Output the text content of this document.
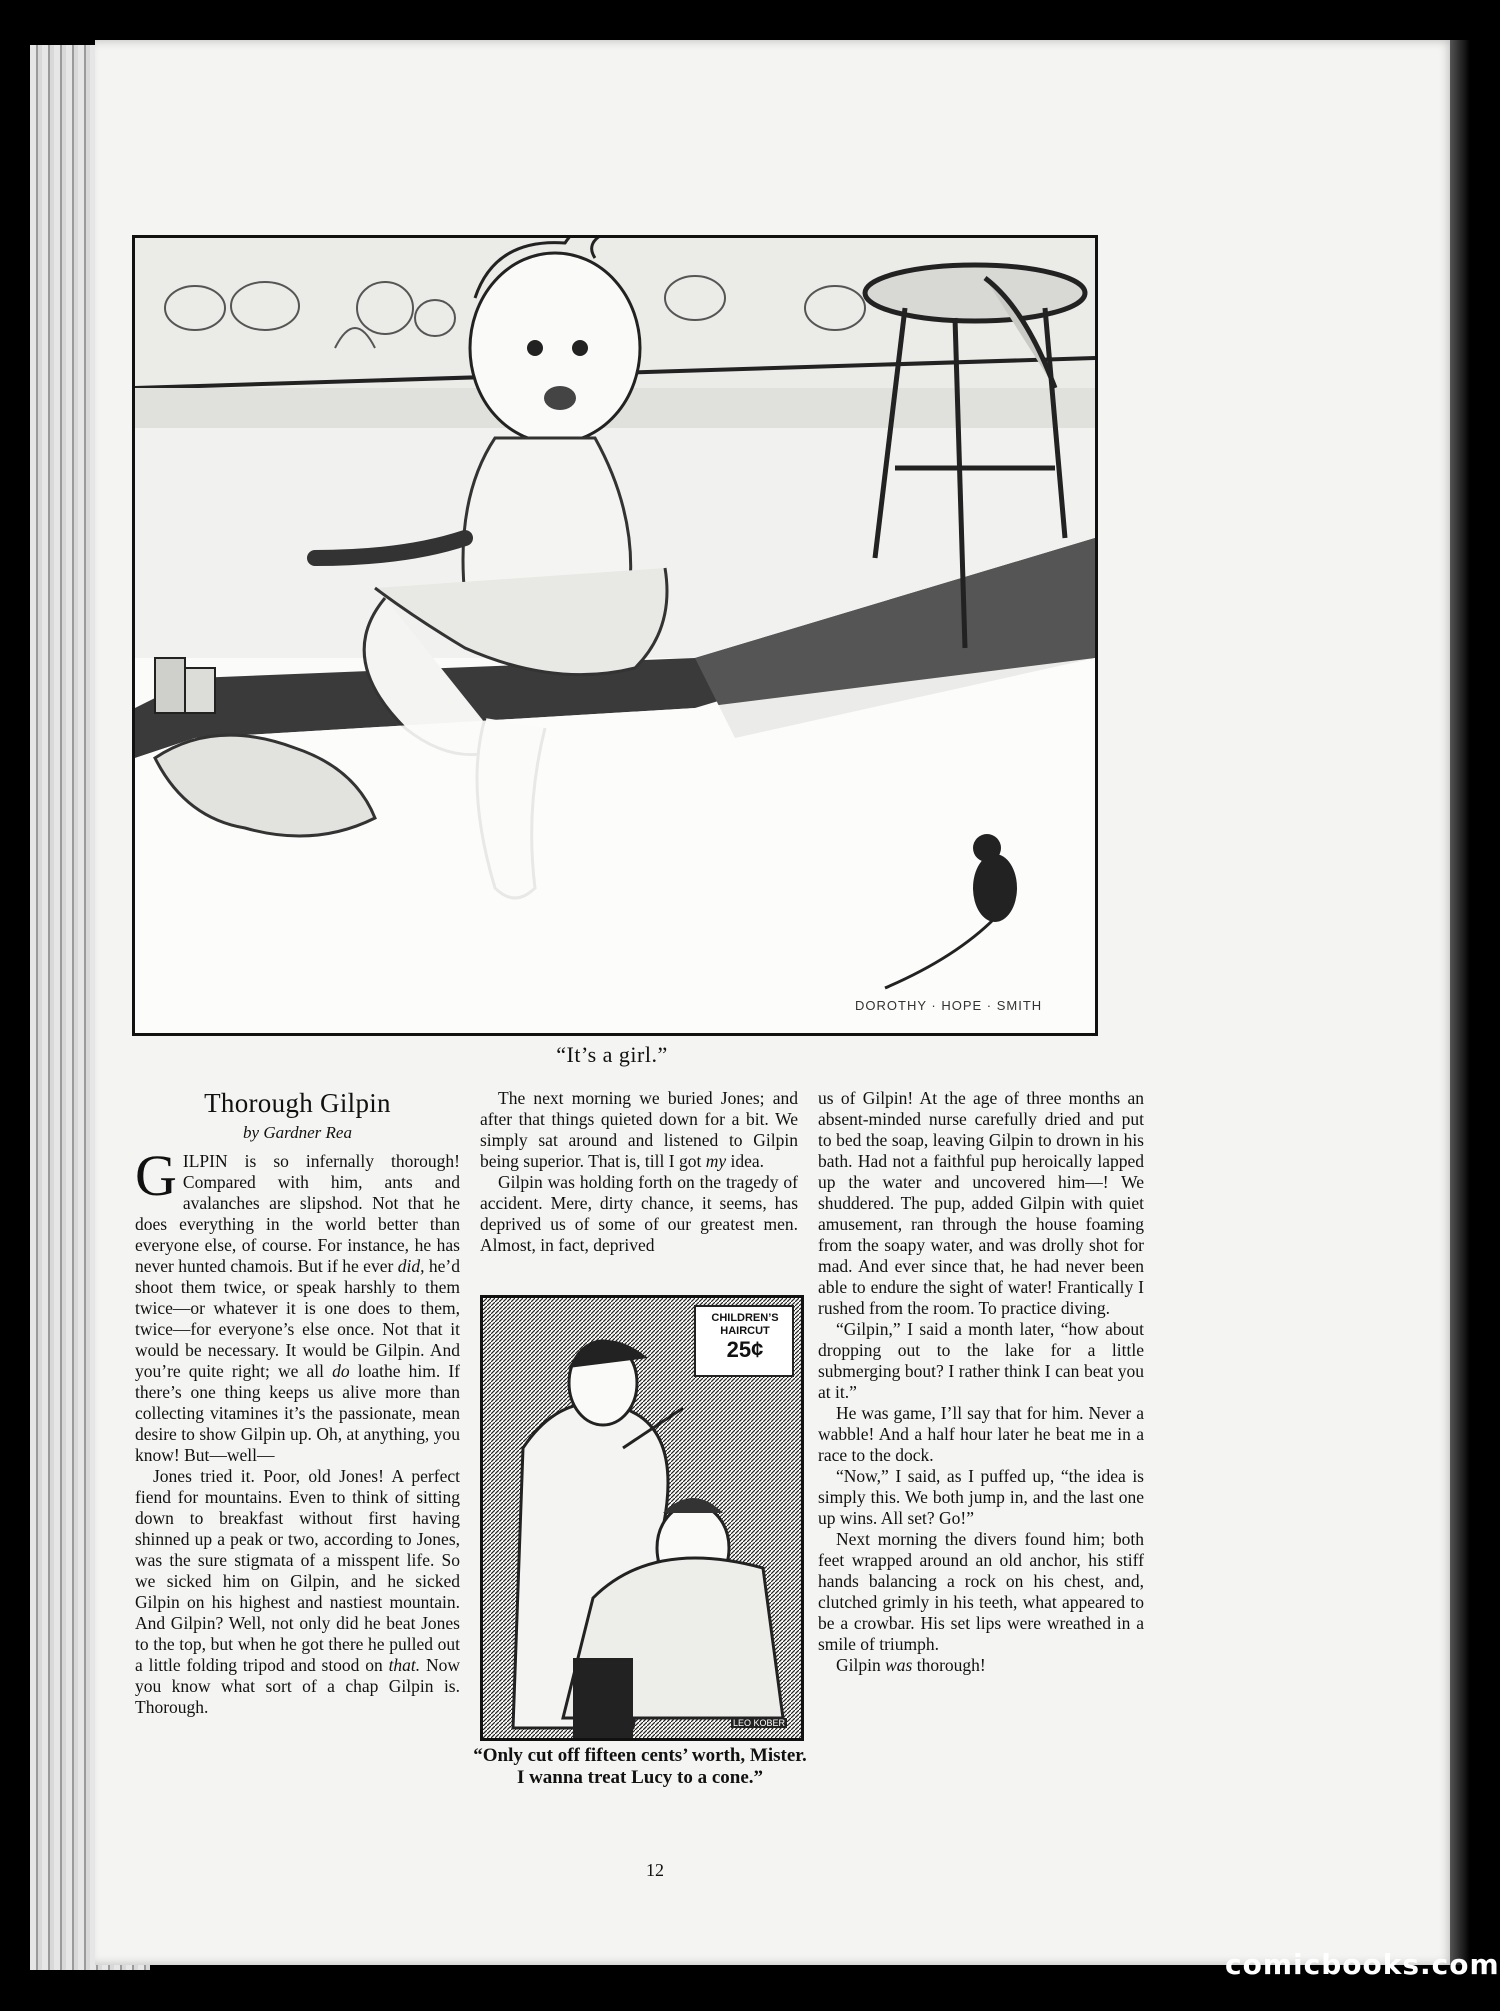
DOROTHY · HOPE · SMITH
“It’s a girl.”
Thorough Gilpin
by Gardner Rea

GILPIN is so infernally thorough! Compared with him, ants and avalanches are slipshod. Not that he does everything in the world better than everyone else, of course. For instance, he has never hunted chamois. But if he ever did, he’d shoot them twice, or speak harshly to them twice—or whatever it is one does to them, twice—for everyone’s else once. Not that it would be necessary. It would be Gilpin. And you’re quite right; we all do loathe him. If there’s one thing keeps us alive more than collecting vitamines it’s the passionate, mean desire to show Gilpin up. Oh, at anything, you know! But—well—

Jones tried it. Poor, old Jones! A perfect fiend for mountains. Even to think of sitting down to breakfast without first having shinned up a peak or two, according to Jones, was the sure stigmata of a misspent life. So we sicked him on Gilpin, and he sicked Gilpin on his highest and nastiest mountain. And Gilpin? Well, not only did he beat Jones to the top, but when he got there he pulled out a little folding tripod and stood on that. Now you know what sort of a chap Gilpin is. Thorough.

The next morning we buried Jones; and after that things quieted down for a bit. We simply sat around and listened to Gilpin being superior. That is, till I got my idea.

Gilpin was holding forth on the tragedy of accident. Mere, dirty chance, it seems, has deprived us of some of our greatest men. Almost, in fact, deprived

CHILDREN’S
HAIRCUT
25¢
LEO KOBER
“Only cut off fifteen cents’ worth, Mister. I wanna treat Lucy to a cone.”

us of Gilpin! At the age of three months an absent-minded nurse carefully dried and put to bed the soap, leaving Gilpin to drown in his bath. Had not a faithful pup heroically lapped up the water and uncovered him—! We shuddered. The pup, added Gilpin with quiet amusement, ran through the house foaming from the soapy water, and was drolly shot for mad. And ever since that, he had never been able to endure the sight of water! Frantically I rushed from the room. To practice diving.

“Gilpin,” I said a month later, “how about dropping out to the lake for a little submerging bout? I rather think I can beat you at it.”

He was game, I’ll say that for him. Never a wabble! And a half hour later he beat me in a race to the dock.

“Now,” I said, as I puffed up, “the idea is simply this. We both jump in, and the last one up wins. All set? Go!”

Next morning the divers found him; both feet wrapped around an old anchor, his stiff hands balancing a rock on his chest, and, clutched grimly in his teeth, what appeared to be a crowbar. His set lips were wreathed in a smile of triumph.

Gilpin was thorough!

12
comicbooks.com
